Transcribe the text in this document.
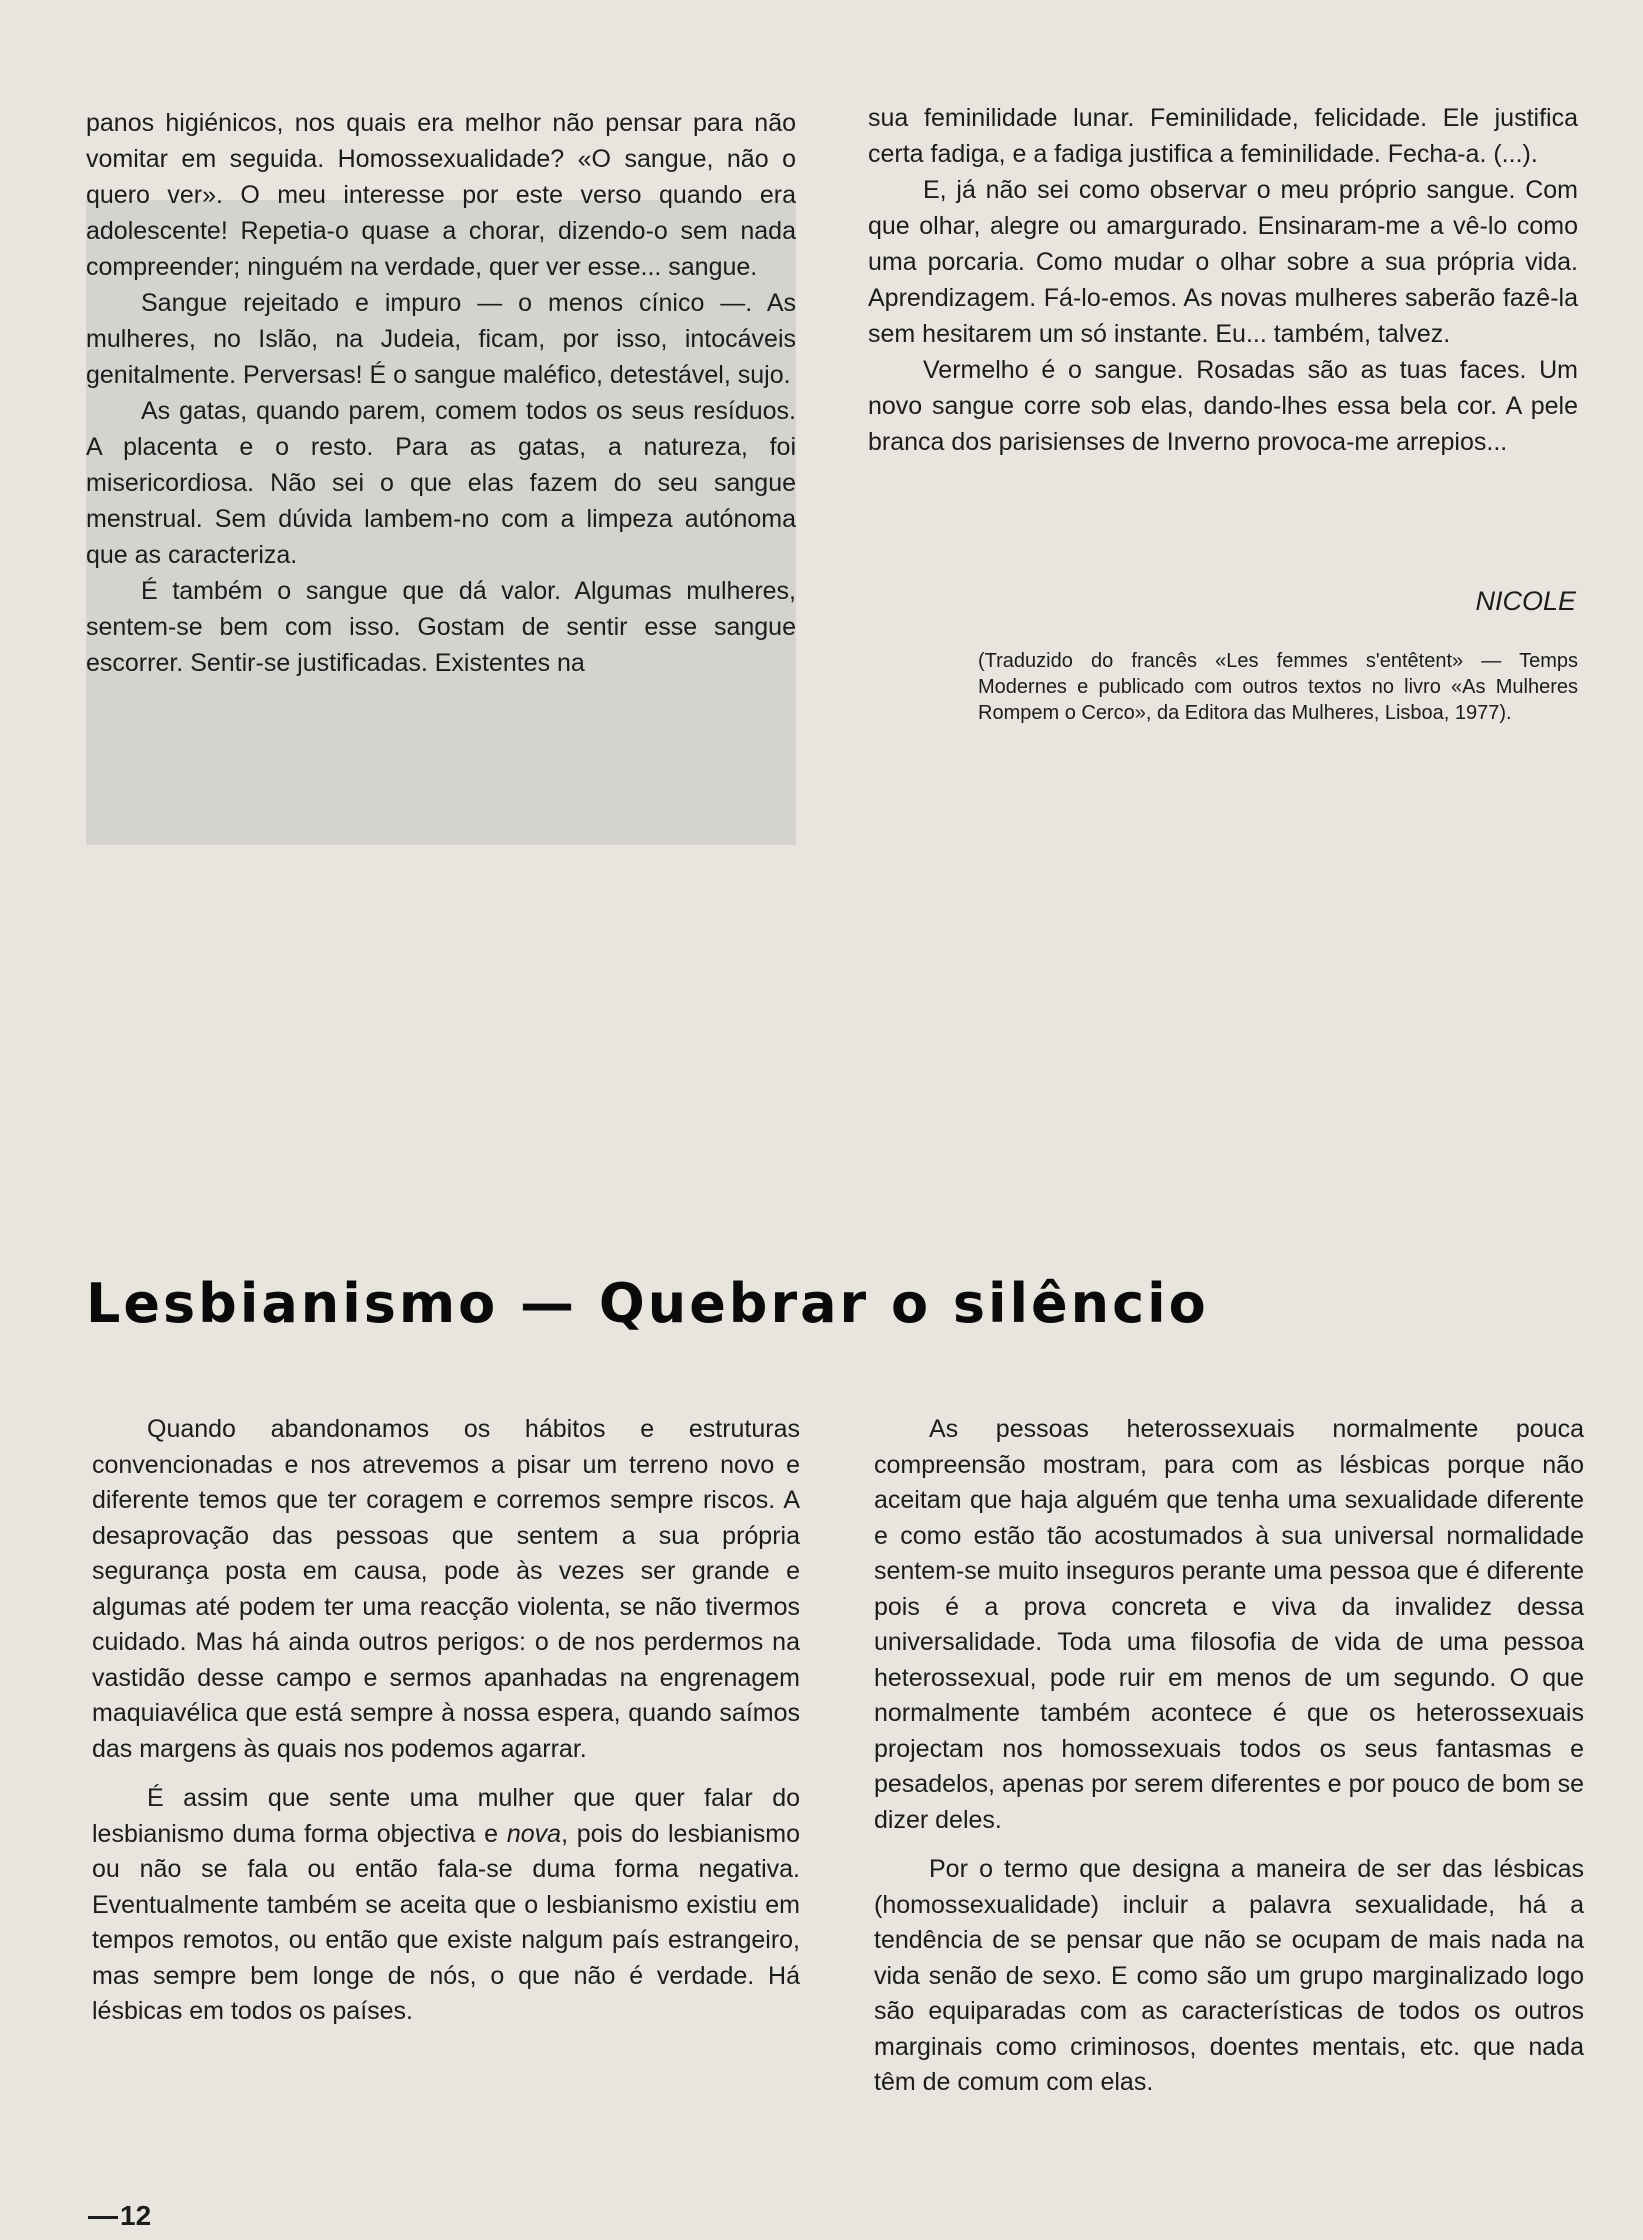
panos higiénicos, nos quais era melhor não pensar para não vomitar em seguida. Homossexualidade? «O sangue, não o quero ver». O meu interesse por este verso quando era adolescente! Repetia-o quase a chorar, dizendo-o sem nada compreender; ninguém na verdade, quer ver esse... sangue.

Sangue rejeitado e impuro — o menos cínico —. As mulheres, no Islão, na Judeia, ficam, por isso, intocáveis genitalmente. Perversas! É o sangue maléfico, detestável, sujo.

As gatas, quando parem, comem todos os seus resíduos. A placenta e o resto. Para as gatas, a natureza, foi misericordiosa. Não sei o que elas fazem do seu sangue menstrual. Sem dúvida lambem-no com a limpeza autónoma que as caracteriza.

É também o sangue que dá valor. Algumas mulheres, sentem-se bem com isso. Gostam de sentir esse sangue escorrer. Sentir-se justificadas. Existentes na

sua feminilidade lunar. Feminilidade, felicidade. Ele justifica certa fadiga, e a fadiga justifica a feminilidade. Fecha-a. (...).

E, já não sei como observar o meu próprio sangue. Com que olhar, alegre ou amargurado. Ensinaram-me a vê-lo como uma porcaria. Como mudar o olhar sobre a sua própria vida. Aprendizagem. Fá-lo-emos. As novas mulheres saberão fazê-la sem hesitarem um só instante. Eu... também, talvez.

Vermelho é o sangue. Rosadas são as tuas faces. Um novo sangue corre sob elas, dando-lhes essa bela cor. A pele branca dos parisienses de Inverno provoca-me arrepios...

NICOLE
(Traduzido do francês «Les femmes s'entêtent» — Temps Modernes e publicado com outros textos no livro «As Mulheres Rompem o Cerco», da Editora das Mulheres, Lisboa, 1977).
Lesbianismo — Quebrar o silêncio

Quando abandonamos os hábitos e estruturas convencionadas e nos atrevemos a pisar um terreno novo e diferente temos que ter coragem e corremos sempre riscos. A desaprovação das pessoas que sentem a sua própria segurança posta em causa, pode às vezes ser grande e algumas até podem ter uma reacção violenta, se não tivermos cuidado. Mas há ainda outros perigos: o de nos perdermos na vastidão desse campo e sermos apanhadas na engrenagem maquiavélica que está sempre à nossa espera, quando saímos das margens às quais nos podemos agarrar.

É assim que sente uma mulher que quer falar do lesbianismo duma forma objectiva e nova, pois do lesbianismo ou não se fala ou então fala-se duma forma negativa. Eventualmente também se aceita que o lesbianismo existiu em tempos remotos, ou então que existe nalgum país estrangeiro, mas sempre bem longe de nós, o que não é verdade. Há lésbicas em todos os países.

As pessoas heterossexuais normalmente pouca compreensão mostram, para com as lésbicas porque não aceitam que haja alguém que tenha uma sexualidade diferente e como estão tão acostumados à sua universal normalidade sentem-se muito inseguros perante uma pessoa que é diferente pois é a prova concreta e viva da invalidez dessa universalidade. Toda uma filosofia de vida de uma pessoa heterossexual, pode ruir em menos de um segundo. O que normalmente também acontece é que os heterossexuais projectam nos homossexuais todos os seus fantasmas e pesadelos, apenas por serem diferentes e por pouco de bom se dizer deles.

Por o termo que designa a maneira de ser das lésbicas (homossexualidade) incluir a palavra sexualidade, há a tendência de se pensar que não se ocupam de mais nada na vida senão de sexo. E como são um grupo marginalizado logo são equiparadas com as características de todos os outros marginais como criminosos, doentes mentais, etc. que nada têm de comum com elas.

12
